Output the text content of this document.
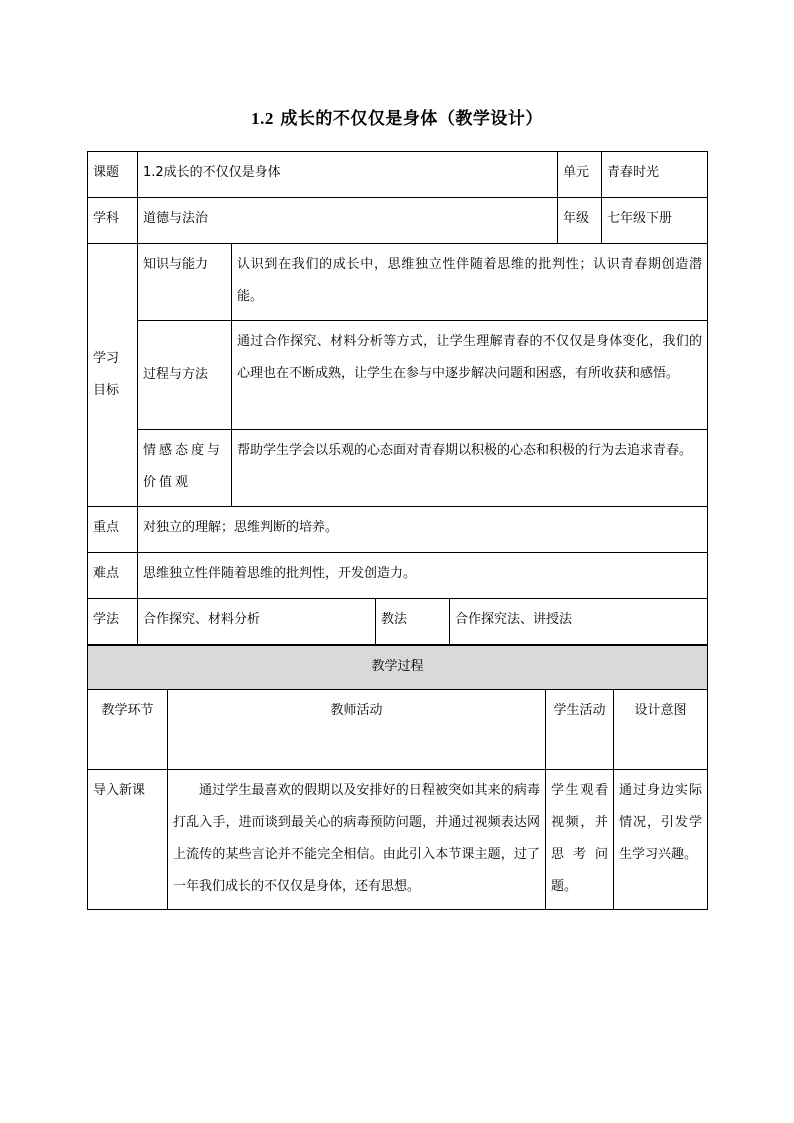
1.2 成长的不仅仅是身体（教学设计）
课题	1.2成长的不仅仅是身体				单元	青春时光
学科	道德与法治				年级	七年级下册

学习
目标	知识与能力	认识到在我们的成长中，思维独立性伴随着思维的批判性；认识青春期创造潜能。				
	过程与方法	通过合作探究、材料分析等方式，让学生理解青春的不仅仅是身体变化，我们的心理也在不断成熟，让学生在参与中逐步解决问题和困惑，有所收获和感悟。				
	情感态度与价值观	帮助学生学会以乐观的心态面对青春期以积极的心态和积极的行为去追求青春。				
重点	对独立的理解；思维判断的培养。					
难点	思维独立性伴随着思维的批判性，开发创造力。					
学法	合作探究、材料分析		教法	合作探究法、讲授法		
教学过程			
教学环节	教师活动	学生活动	设计意图
导入新课	通过学生最喜欢的假期以及安排好的日程被突如其来的病毒打乱入手，进而谈到最关心的病毒预防问题，并通过视频表达网上流传的某些言论并不能完全相信。由此引入本节课主题，过了一年我们成长的不仅仅是身体，还有思想。	学生观看视频，并思考问题。	通过身边实际情况，引发学生学习兴趣。
